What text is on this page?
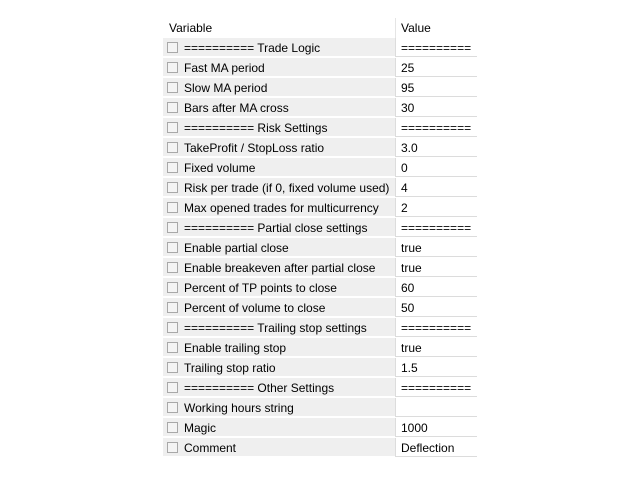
Variable	Value
========== Trade Logic	==========
Fast MA period	25
Slow MA period	95
Bars after MA cross	30
========== Risk Settings	==========
TakeProfit / StopLoss ratio	3.0
Fixed volume	0
Risk per trade (if 0, fixed volume used) 4
Max opened trades for multicurrency 2
========== Partial close settings	==========
Enable partial close	true
Enable breakeven after partial close true
Percent of TP points to close	60
Percent of volume to close	50
========== Trailing stop settings	==========
Enable trailing stop	true
Trailing stop ratio	1.5
========== Other Settings	==========
Working hours string
Magic	1000
Comment	Deflection
